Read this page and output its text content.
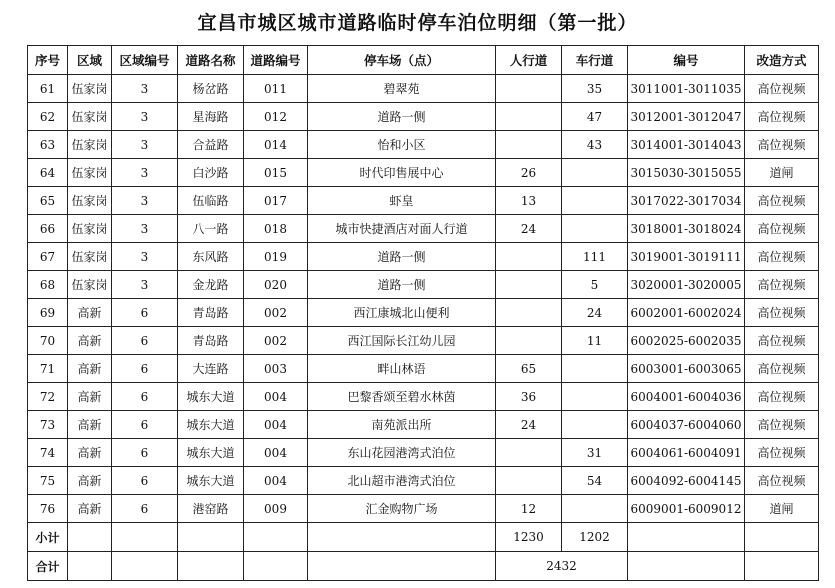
宜昌市城区城市道路临时停车泊位明细（第一批）
序号	区域	区域编号	道路名称	道路编号	停车场（点）	人行道	车行道	编号	改造方式
61	伍家岗	3	杨岔路	011	碧翠苑		35	3011001-3011035	高位视频
62	伍家岗	3	星海路	012	道路一侧		47	3012001-3012047	高位视频
63	伍家岗	3	合益路	014	怡和小区		43	3014001-3014043	高位视频
64	伍家岗	3	白沙路	015	时代印售展中心	26		3015030-3015055	道闸
65	伍家岗	3	伍临路	017	虾皇	13		3017022-3017034	高位视频
66	伍家岗	3	八一路	018	城市快捷酒店对面人行道	24		3018001-3018024	高位视频
67	伍家岗	3	东风路	019	道路一侧		111	3019001-3019111	高位视频
68	伍家岗	3	金龙路	020	道路一侧		5	3020001-3020005	高位视频
69	高新	6	青岛路	002	西江康城北山便利		24	6002001-6002024	高位视频
70	高新	6	青岛路	002	西江国际长江幼儿园		11	6002025-6002035	高位视频
71	高新	6	大连路	003	畔山林语	65		6003001-6003065	高位视频
72	高新	6	城东大道	004	巴黎香颂至碧水林茵	36		6004001-6004036	高位视频
73	高新	6	城东大道	004	南苑派出所	24		6004037-6004060	高位视频
74	高新	6	城东大道	004	东山花园港湾式泊位		31	6004061-6004091	高位视频
75	高新	6	城东大道	004	北山超市港湾式泊位		54	6004092-6004145	高位视频
76	高新	6	港窑路	009	汇金购物广场	12		6009001-6009012	道闸
小计						1230	1202		
合计						2432			
